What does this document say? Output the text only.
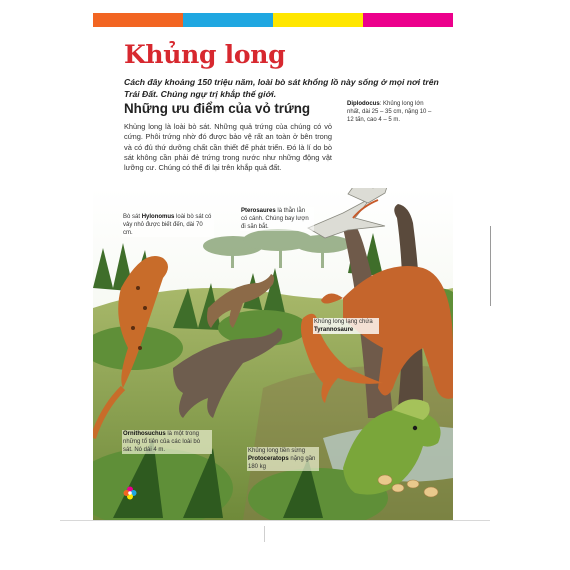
Khủng long
Cách đây khoảng 150 triệu năm, loài bò sát khổng lồ này sống ở mọi nơi trên Trái Đất. Chúng ngự trị khắp thế giới.
Những ưu điểm của vỏ trứng
Khủng long là loài bò sát. Những quả trứng của chúng có vỏ cứng. Phôi trứng nhờ đó được bảo vệ rất an toàn ở bên trong và có đủ thứ dưỡng chất cần thiết để phát triển. Đó là lí do bò sát không cần phải đẻ trứng trong nước như những động vật lưỡng cư. Chúng có thể đi lại trên khắp quả đất.
Diplodocus: Khủng long lớn nhất, dài 25 – 35 cm, nặng 10 – 12 tấn, cao 4 – 5 m.
Bò sát Hylonomus loài bò sát có vảy nhỏ được biết đến, dài 70 cm.
Pterosaures là thằn lằn có cánh. Chúng bay lượn đi săn bắt.
Khủng long lạng chứa Tyrannosaure
Ornithosuchus là một trong những tổ tiên của các loài bò sát. Nó dài 4 m.	Khủng long tiền sừng Protoceratops nặng gần 180 kg
